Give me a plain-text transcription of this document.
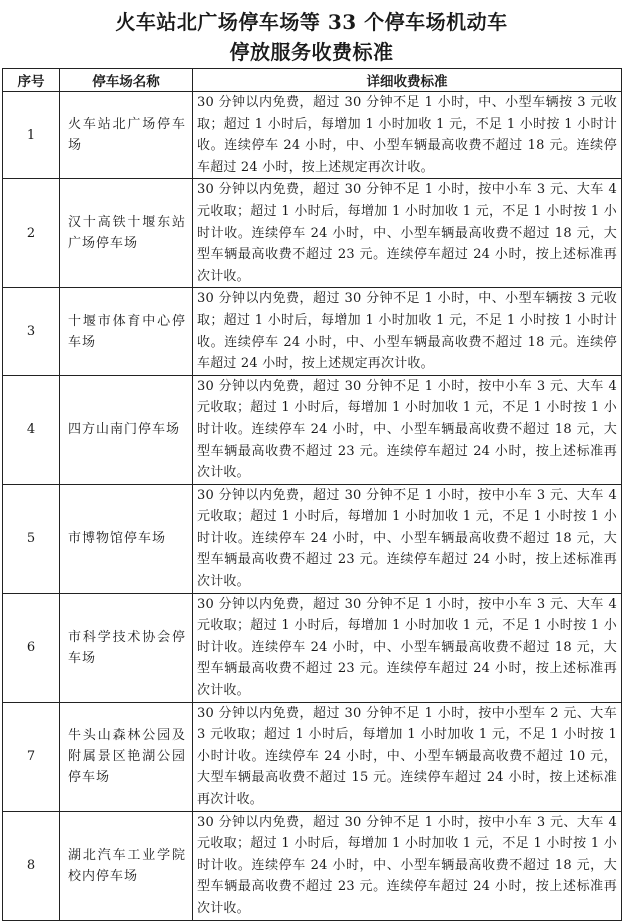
火车站北广场停车场等 33 个停车场机动车
停放服务收费标准
序号	停车场名称	详细收费标准
1	火车站北广场停车场	30 分钟以内免费，超过 30 分钟不足 1 小时，中、小型车辆按 3 元收取；超过 1 小时后，每增加 1 小时加收 1 元，不足 1 小时按 1 小时计收。连续停车 24 小时，中、小型车辆最高收费不超过 18 元。连续停车超过 24 小时，按上述规定再次计收。
2	汉十高铁十堰东站广场停车场	30 分钟以内免费，超过 30 分钟不足 1 小时，按中小车 3 元、大车 4 元收取；超过 1 小时后，每增加 1 小时加收 1 元，不足 1 小时按 1 小时计收。连续停车 24 小时，中、小型车辆最高收费不超过 18 元，大型车辆最高收费不超过 23 元。连续停车超过 24 小时，按上述标准再次计收。
3	十堰市体育中心停车场	30 分钟以内免费，超过 30 分钟不足 1 小时，中、小型车辆按 3 元收取；超过 1 小时后，每增加 1 小时加收 1 元，不足 1 小时按 1 小时计收。连续停车 24 小时，中、小型车辆最高收费不超过 18 元。连续停车超过 24 小时，按上述规定再次计收。
4	四方山南门停车场	30 分钟以内免费，超过 30 分钟不足 1 小时，按中小车 3 元、大车 4 元收取；超过 1 小时后，每增加 1 小时加收 1 元，不足 1 小时按 1 小时计收。连续停车 24 小时，中、小型车辆最高收费不超过 18 元，大型车辆最高收费不超过 23 元。连续停车超过 24 小时，按上述标准再次计收。
5	市博物馆停车场	30 分钟以内免费，超过 30 分钟不足 1 小时，按中小车 3 元、大车 4 元收取；超过 1 小时后，每增加 1 小时加收 1 元，不足 1 小时按 1 小时计收。连续停车 24 小时，中、小型车辆最高收费不超过 18 元，大型车辆最高收费不超过 23 元。连续停车超过 24 小时，按上述标准再次计收。
6	市科学技术协会停车场	30 分钟以内免费，超过 30 分钟不足 1 小时，按中小车 3 元、大车 4 元收取；超过 1 小时后，每增加 1 小时加收 1 元，不足 1 小时按 1 小时计收。连续停车 24 小时，中、小型车辆最高收费不超过 18 元，大型车辆最高收费不超过 23 元。连续停车超过 24 小时，按上述标准再次计收。
7	牛头山森林公园及附属景区艳湖公园停车场	30 分钟以内免费，超过 30 分钟不足 1 小时，按中小型车 2 元、大车 3 元收取；超过 1 小时后，每增加 1 小时加收 1 元，不足 1 小时按 1 小时计收。连续停车 24 小时，中、小型车辆最高收费不超过 10 元，大型车辆最高收费不超过 15 元。连续停车超过 24 小时，按上述标准再次计收。
8	湖北汽车工业学院校内停车场	30 分钟以内免费，超过 30 分钟不足 1 小时，按中小车 3 元、大车 4 元收取；超过 1 小时后，每增加 1 小时加收 1 元，不足 1 小时按 1 小时计收。连续停车 24 小时，中、小型车辆最高收费不超过 18 元，大型车辆最高收费不超过 23 元。连续停车超过 24 小时，按上述标准再次计收。
